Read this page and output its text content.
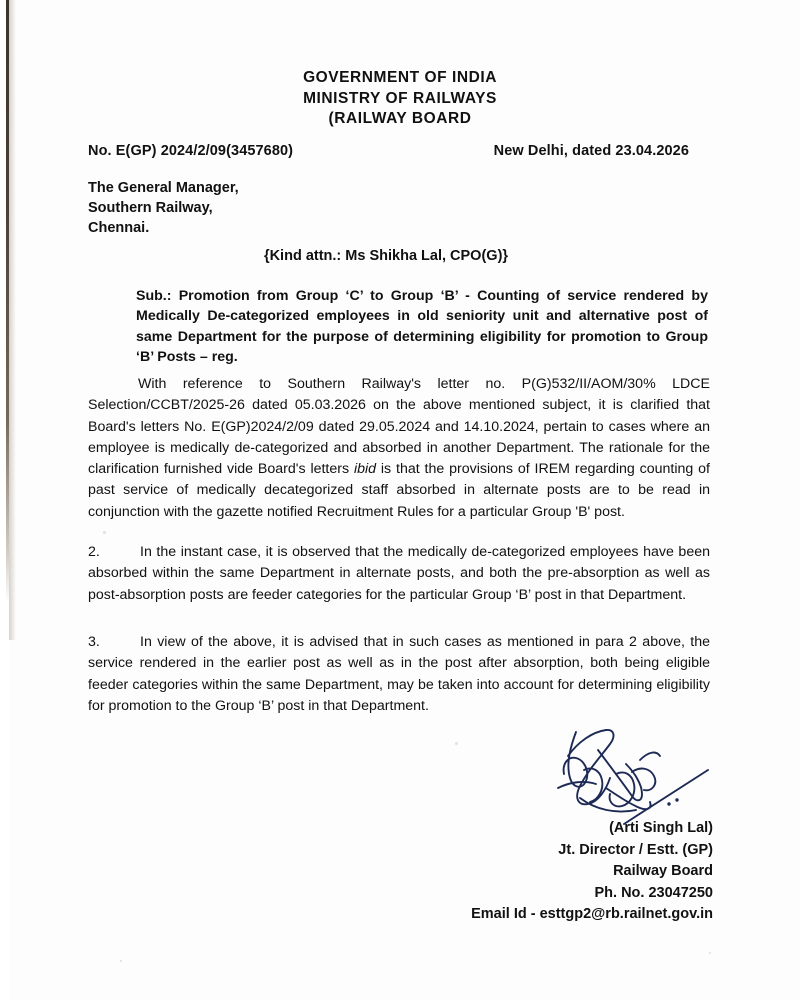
GOVERNMENT OF INDIA
MINISTRY OF RAILWAYS
(RAILWAY BOARD
No. E(GP) 2024/2/09(3457680)	New Delhi, dated 23.04.2026
The General Manager,
Southern Railway,
Chennai.
{Kind attn.: Ms Shikha Lal, CPO(G)}
Sub.: Promotion from Group ‘C’ to Group ‘B’ - Counting of service rendered by Medically De-categorized employees in old seniority unit and alternative post of same Department for the purpose of determining eligibility for promotion to Group ‘B’ Posts – reg.
With reference to Southern Railway's letter no. P(G)532/II/AOM/30% LDCE Selection/CCBT/2025-26 dated 05.03.2026 on the above mentioned subject, it is clarified that Board's letters No. E(GP)2024/2/09 dated 29.05.2024 and 14.10.2024, pertain to cases where an employee is medically de-categorized and absorbed in another Department. The rationale for the clarification furnished vide Board's letters ibid is that the provisions of IREM regarding counting of past service of medically decategorized staff absorbed in alternate posts are to be read in conjunction with the gazette notified Recruitment Rules for a particular Group 'B' post.
2.	In the instant case, it is observed that the medically de-categorized employees have been absorbed within the same Department in alternate posts, and both the pre-absorption as well as post-absorption posts are feeder categories for the particular Group ‘B’ post in that Department.
3.	In view of the above, it is advised that in such cases as mentioned in para 2 above, the service rendered in the earlier post as well as in the post after absorption, both being eligible feeder categories within the same Department, may be taken into account for determining eligibility for promotion to the Group ‘B’ post in that Department.
(Arti Singh Lal)
Jt. Director / Estt. (GP)
Railway Board
Ph. No. 23047250
Email Id - esttgp2@rb.railnet.gov.in
